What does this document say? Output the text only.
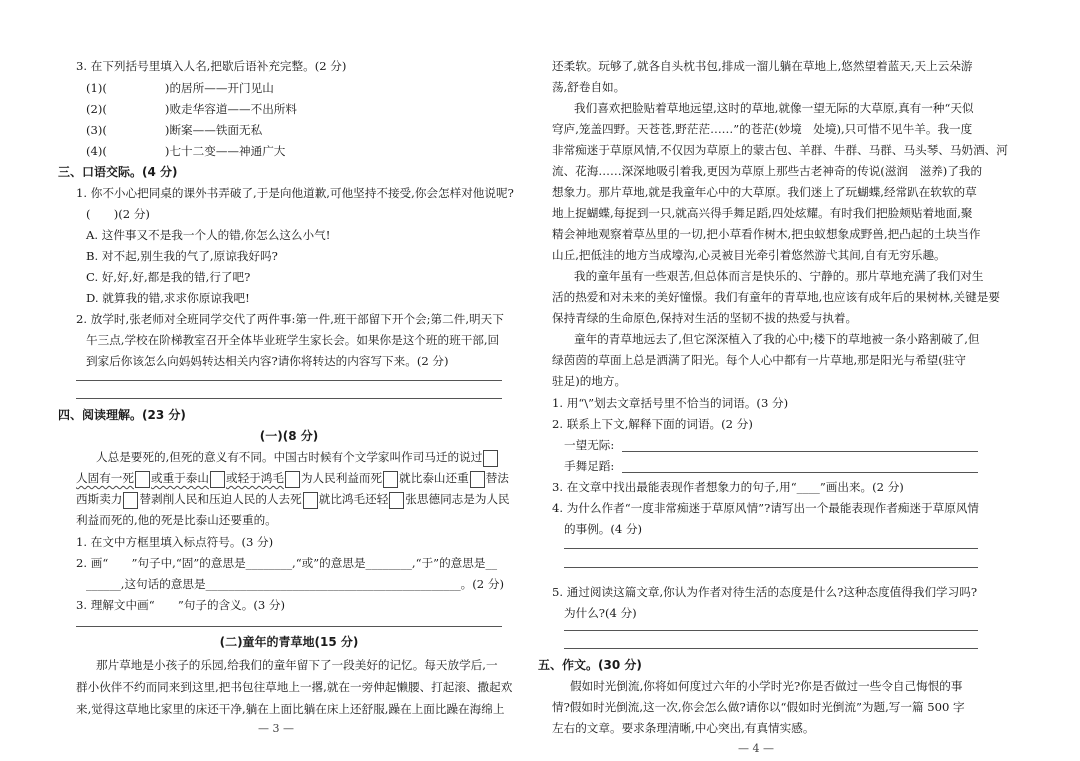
3. 在下列括号里填入人名,把歇后语补充完整。(2 分)
(1)(　　　　　)的居所——开门见山
(2)(　　　　　)败走华容道——不出所料
(3)(　　　　　)断案——铁面无私
(4)(　　　　　)七十二变——神通广大
三、口语交际。(4 分)
1. 你不小心把同桌的课外书弄破了,于是向他道歉,可他坚持不接受,你会怎样对他说呢?
(　　)(2 分)
A. 这件事又不是我一个人的错,你怎么这么小气!
B. 对不起,别生我的气了,原谅我好吗?
C. 好,好,好,都是我的错,行了吧?
D. 就算我的错,求求你原谅我吧!
2. 放学时,张老师对全班同学交代了两件事:第一件,班干部留下开个会;第二件,明天下
午三点,学校在阶梯教室召开全体毕业班学生家长会。如果你是这个班的班干部,回
到家后你该怎么向妈妈转达相关内容?请你将转达的内容写下来。(2 分)
四、阅读理解。(23 分)
(一)(8 分)
人总是要死的,但死的意义有不同。中国古时候有个文学家叫作司马迁的说过
人固有一死 或重于泰山 或轻于鸿毛 为人民利益而死 就比泰山还重 替法
西斯卖力 替剥削人民和压迫人民的人去死 就比鸿毛还轻 张思德同志是为人民
利益而死的,他的死是比泰山还要重的。
1. 在文中方框里填入标点符号。(3 分)
2. 画“　　”句子中,“固”的意思是________,“或”的意思是________,“于”的意思是__
______,这句话的意思是____________________________________________。(2 分)
3. 理解文中画“　　”句子的含义。(3 分)
(二)童年的青草地(15 分)
那片草地是小孩子的乐园,给我们的童年留下了一段美好的记忆。每天放学后,一
群小伙伴不约而同来到这里,把书包往草地上一撂,就在一旁伸起懒腰、打起滚、撒起欢
来,觉得这草地比家里的床还干净,躺在上面比躺在床上还舒服,躁在上面比躁在海绵上
— 3 —
还柔软。玩够了,就各自头枕书包,排成一溜儿躺在草地上,悠然望着蓝天,天上云朵游
荡,舒卷自如。
我们喜欢把脸贴着草地远望,这时的草地,就像一望无际的大草原,真有一种“天似
穹庐,笼盖四野。天苍苍,野茫茫……”的苍茫(妙境　处境),只可惜不见牛羊。我一度
非常痴迷于草原风情,不仅因为草原上的蒙古包、羊群、牛群、马群、马头琴、马奶酒、河
流、花海……深深地吸引着我,更因为草原上那些古老神奇的传说(滋润　滋养)了我的
想象力。那片草地,就是我童年心中的大草原。我们迷上了玩蝴蝶,经常趴在软软的草
地上捉蝴蝶,每捉到一只,就高兴得手舞足蹈,四处炫耀。有时我们把脸颊贴着地面,聚
精会神地观察着草丛里的一切,把小草看作树木,把虫蚁想象成野兽,把凸起的土块当作
山丘,把低洼的地方当成壕沟,心灵被目光牵引着悠然游弋其间,自有无穷乐趣。
我的童年虽有一些艰苦,但总体而言是快乐的、宁静的。那片草地充满了我们对生
活的热爱和对未来的美好憧憬。我们有童年的青草地,也应该有成年后的果树林,关键是要
保持青绿的生命原色,保持对生活的坚韧不拔的热爱与执着。
童年的青草地远去了,但它深深植入了我的心中;楼下的草地被一条小路割破了,但
绿茵茵的草面上总是洒满了阳光。每个人心中都有一片草地,那是阳光与希望(驻守
驻足)的地方。
1. 用“\”划去文章括号里不恰当的词语。(3 分)
2. 联系上下文,解释下面的词语。(2 分)
一望无际:
手舞足蹈:
3. 在文章中找出最能表现作者想象力的句子,用“____”画出来。(2 分)
4. 为什么作者“一度非常痴迷于草原风情”?请写出一个最能表现作者痴迷于草原风情
的事例。(4 分)
5. 通过阅读这篇文章,你认为作者对待生活的态度是什么?这种态度值得我们学习吗?
为什么?(4 分)
五、作文。(30 分)
假如时光倒流,你将如何度过六年的小学时光?你是否做过一些令自己悔恨的事
情?假如时光倒流,这一次,你会怎么做?请你以“假如时光倒流”为题,写一篇 500 字
左右的文章。要求条理清晰,中心突出,有真情实感。
— 4 —
